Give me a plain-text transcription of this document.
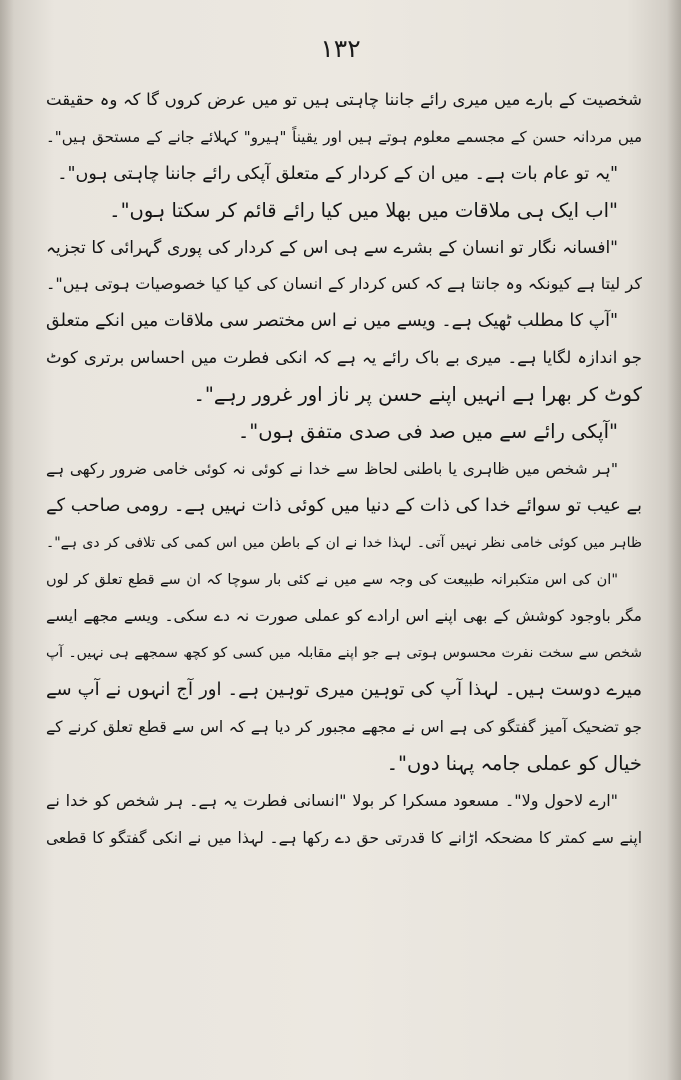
۱۳۲
شخصیت کے بارے میں میری رائے جاننا چاہتی ہیں تو میں عرض کروں گا کہ وہ حقیقت
میں مردانہ حسن کے مجسمے معلوم ہوتے ہیں اور یقیناً "ہیرو" کہلائے جانے کے مستحق ہیں"۔
"یہ تو عام بات ہے۔ میں ان کے کردار کے متعلق آپکی رائے جاننا چاہتی ہوں"۔
"اب ایک ہی ملاقات میں بھلا میں کیا رائے قائم کر سکتا ہوں"۔
"افسانہ نگار تو انسان کے بشرے سے ہی اس کے کردار کی پوری گہرائی کا تجزیہ
کر لیتا ہے کیونکہ وہ جانتا ہے کہ کس کردار کے انسان کی کیا کیا خصوصیات ہوتی ہیں"۔
"آپ کا مطلب ٹھیک ہے۔ ویسے میں نے اس مختصر سی ملاقات میں انکے متعلق
جو اندازہ لگایا ہے۔ میری بے باک رائے یہ ہے کہ انکی فطرت میں احساس برتری کوٹ
کوٹ کر بھرا ہے انہیں اپنے حسن پر ناز اور غرور رہے"۔
"آپکی رائے سے میں صد فی صدی متفق ہوں"۔
"ہر شخص میں ظاہری یا باطنی لحاظ سے خدا نے کوئی نہ کوئی خامی ضرور رکھی ہے
بے عیب تو سوائے خدا کی ذات کے دنیا میں کوئی ذات نہیں ہے۔ رومی صاحب کے
ظاہر میں کوئی خامی نظر نہیں آتی۔ لہذا خدا نے ان کے باطن میں اس کمی کی تلافی کر دی ہے"۔
"ان کی اس متکبرانہ طبیعت کی وجہ سے میں نے کئی بار سوچا کہ ان سے قطع تعلق کر لوں
مگر باوجود کوشش کے بھی اپنے اس ارادے کو عملی صورت نہ دے سکی۔ ویسے مجھے ایسے
شخص سے سخت نفرت محسوس ہوتی ہے جو اپنے مقابلہ میں کسی کو کچھ سمجھے ہی نہیں۔ آپ
میرے دوست ہیں۔ لہذا آپ کی توہین میری توہین ہے۔ اور آج انہوں نے آپ سے
جو تضحیک آمیز گفتگو کی ہے اس نے مجھے مجبور کر دیا ہے کہ اس سے قطع تعلق کرنے کے
خیال کو عملی جامہ پہنا دوں"۔
"ارے لاحول ولا"۔ مسعود مسکرا کر بولا "انسانی فطرت یہ ہے۔ ہر شخص کو خدا نے
اپنے سے کمتر کا مضحکہ اڑانے کا قدرتی حق دے رکھا ہے۔ لہذا میں نے انکی گفتگو کا قطعی
